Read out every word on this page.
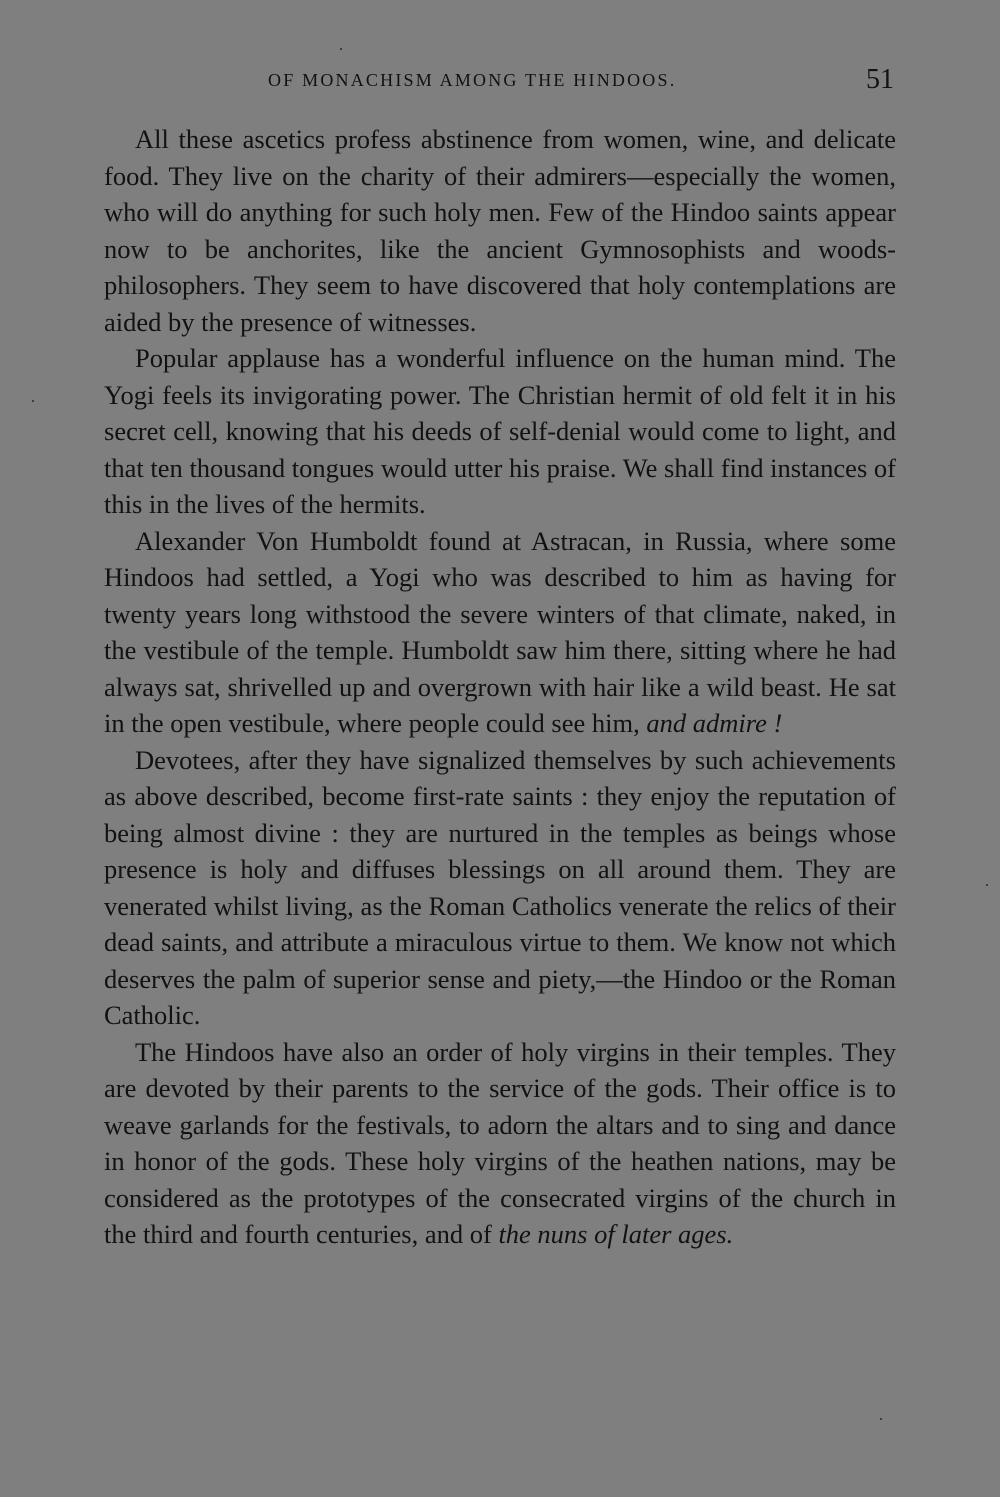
OF MONACHISM AMONG THE HINDOOS.	51

All these ascetics profess abstinence from women, wine, and delicate food. They live on the charity of their admirers—especially the women, who will do anything for such holy men. Few of the Hindoo saints appear now to be anchorites, like the ancient Gymnosophists and woods-philosophers. They seem to have discovered that holy contemplations are aided by the presence of witnesses.

Popular applause has a wonderful influence on the human mind. The Yogi feels its invigorating power. The Christian hermit of old felt it in his secret cell, knowing that his deeds of self-denial would come to light, and that ten thousand tongues would utter his praise. We shall find instances of this in the lives of the hermits.

Alexander Von Humboldt found at Astracan, in Russia, where some Hindoos had settled, a Yogi who was described to him as having for twenty years long withstood the severe winters of that climate, naked, in the vestibule of the temple. Humboldt saw him there, sitting where he had always sat, shrivelled up and overgrown with hair like a wild beast. He sat in the open vestibule, where people could see him, and admire !

Devotees, after they have signalized themselves by such achievements as above described, become first-rate saints : they enjoy the reputation of being almost divine : they are nurtured in the temples as beings whose presence is holy and diffuses blessings on all around them. They are venerated whilst living, as the Roman Catholics venerate the relics of their dead saints, and attribute a miraculous virtue to them. We know not which deserves the palm of superior sense and piety,—the Hindoo or the Roman Catholic.

The Hindoos have also an order of holy virgins in their temples. They are devoted by their parents to the service of the gods. Their office is to weave garlands for the festivals, to adorn the altars and to sing and dance in honor of the gods. These holy virgins of the heathen nations, may be considered as the prototypes of the consecrated virgins of the church in the third and fourth centuries, and of the nuns of later ages.
